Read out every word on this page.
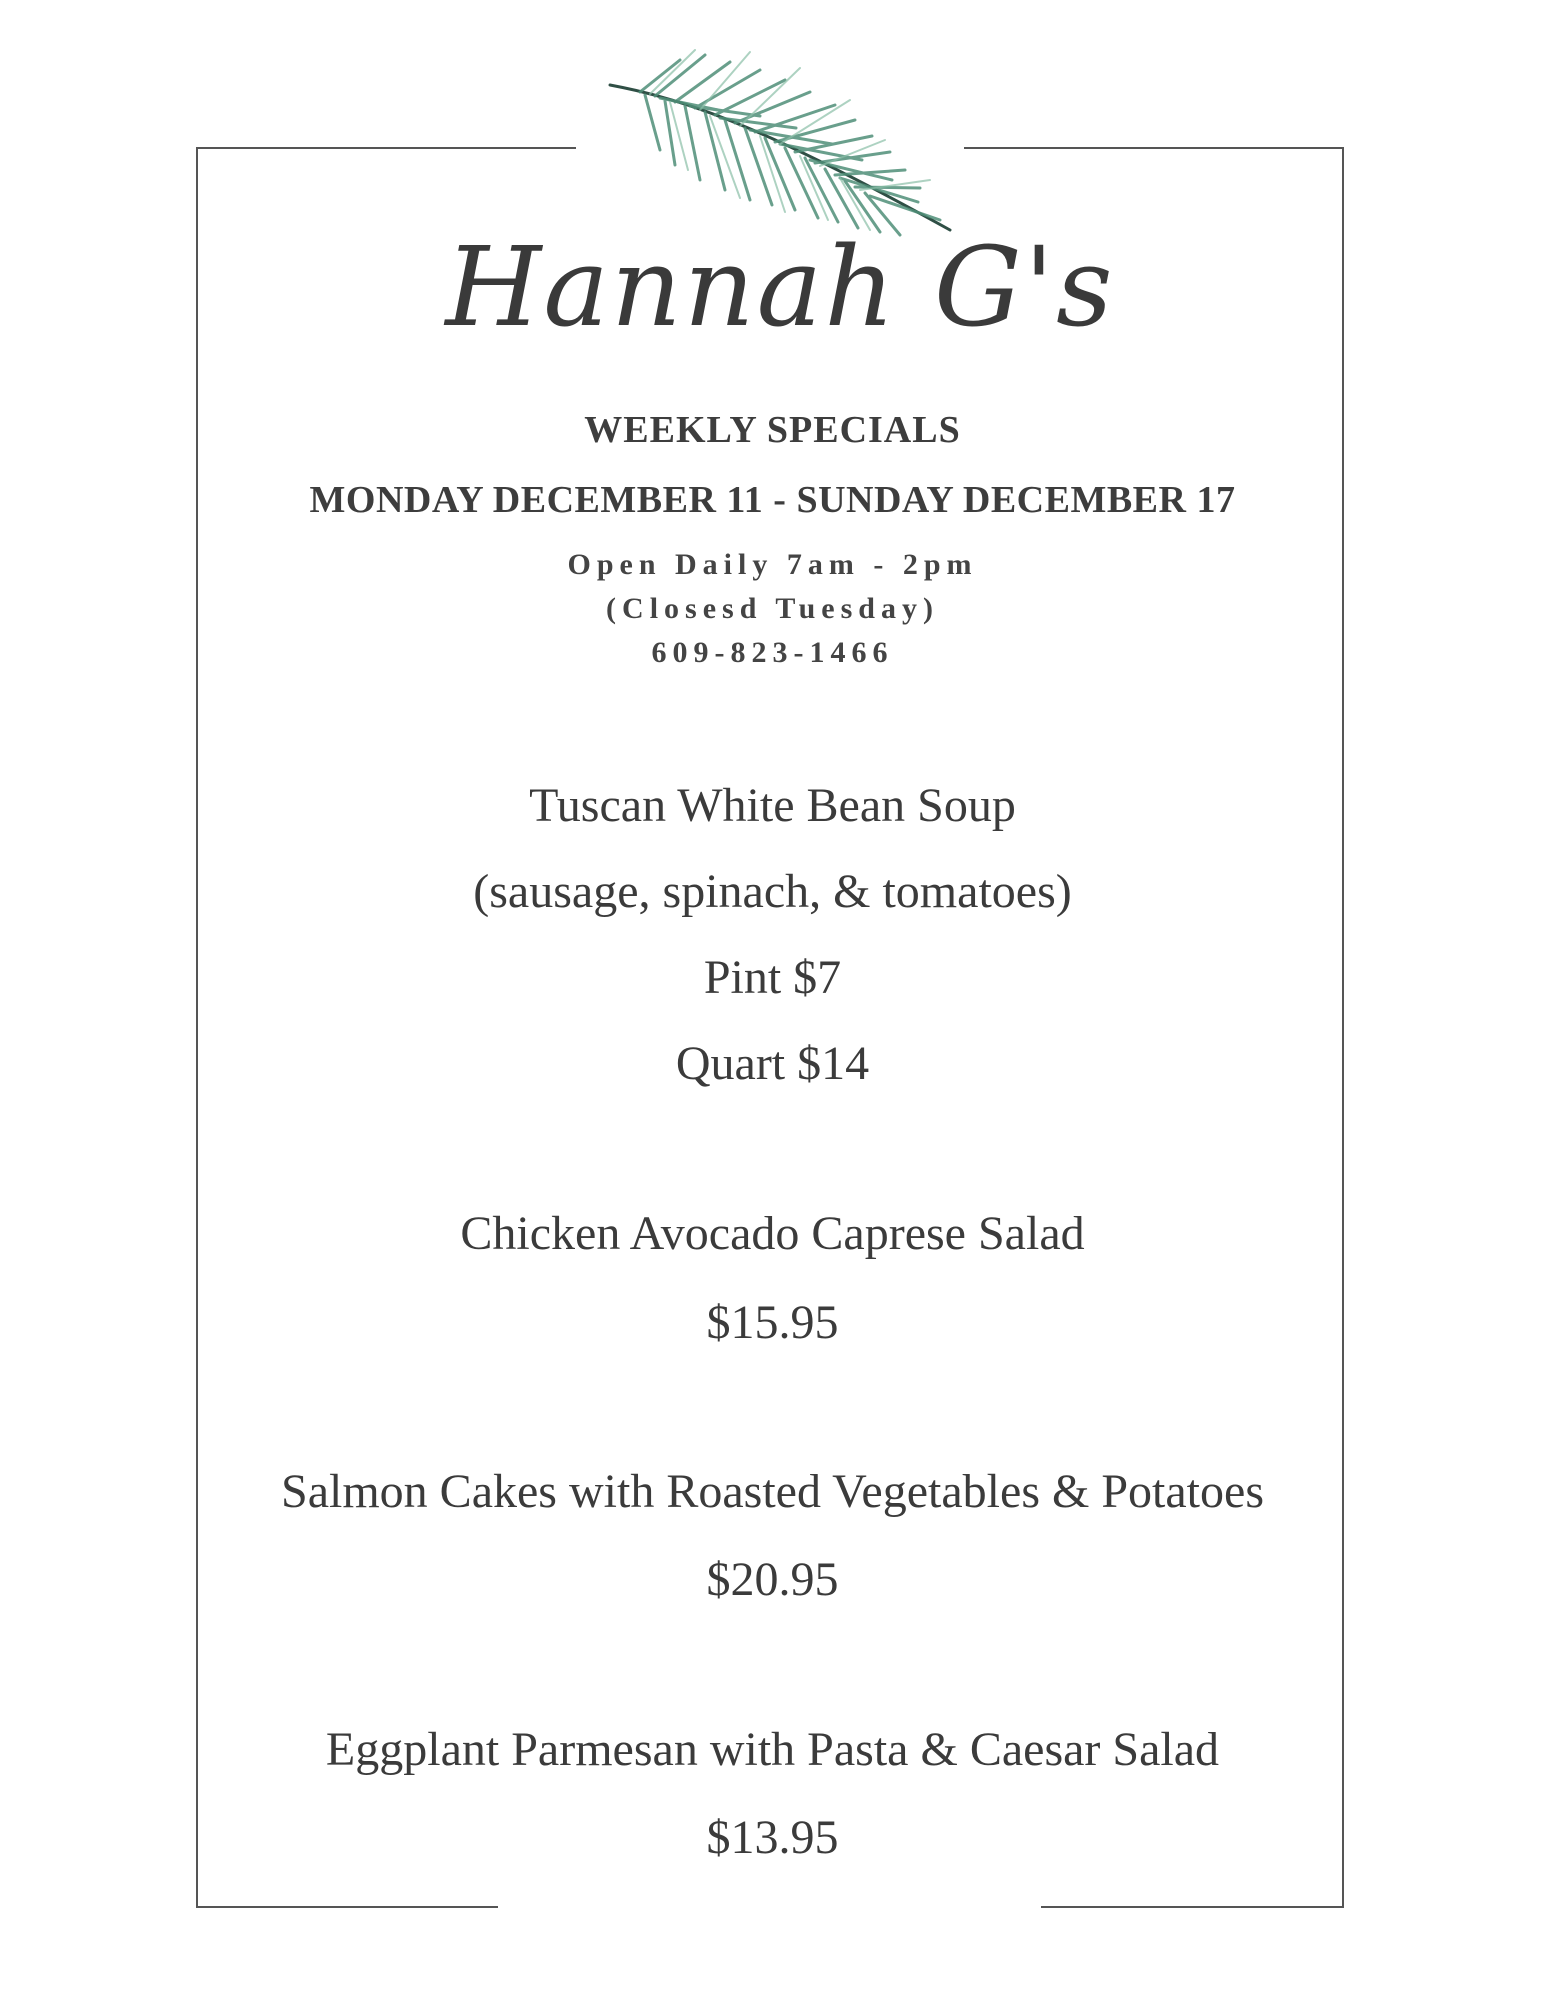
Hannah G's
WEEKLY SPECIALS
MONDAY DECEMBER 11 - SUNDAY DECEMBER 17
Open Daily 7am - 2pm
(Closesd Tuesday)
609-823-1466
Tuscan White Bean Soup
(sausage, spinach, & tomatoes)
Pint $7
Quart $14
Chicken Avocado Caprese Salad
$15.95
Salmon Cakes with Roasted Vegetables & Potatoes
$20.95
Eggplant Parmesan with Pasta & Caesar Salad
$13.95
